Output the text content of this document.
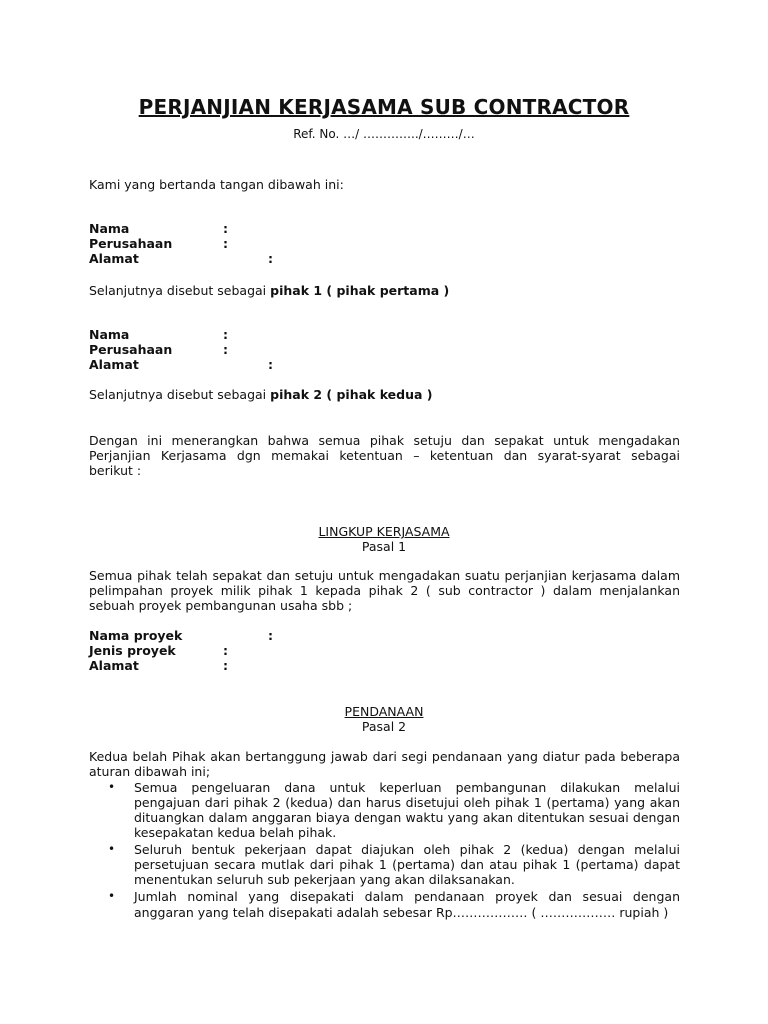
PERJANJIAN KERJASAMA SUB CONTRACTOR
Ref. No. …/ …………../………/…
Kami yang bertanda tangan dibawah ini:
Nama	:
Perusahaan	:
Alamat	:
Selanjutnya disebut sebagai pihak 1 ( pihak pertama )
Nama	:
Perusahaan	:
Alamat	:
Selanjutnya disebut sebagai pihak 2 ( pihak kedua )
Dengan ini menerangkan bahwa semua pihak setuju dan sepakat untuk mengadakan
Perjanjian Kerjasama dgn memakai ketentuan – ketentuan dan syarat-syarat sebagai
berikut :
LINGKUP KERJASAMA
Pasal 1
Semua pihak telah sepakat dan setuju untuk mengadakan suatu perjanjian kerjasama dalam
pelimpahan proyek milik pihak 1 kepada pihak 2 ( sub contractor ) dalam menjalankan
sebuah proyek pembangunan usaha sbb ;
Nama proyek	:
Jenis proyek	:
Alamat	:
PENDANAAN
Pasal 2
Kedua belah Pihak akan bertanggung jawab dari segi pendanaan yang diatur pada beberapa
aturan dibawah ini;
• Semua pengeluaran dana untuk keperluan pembangunan dilakukan melalui
pengajuan dari pihak 2 (kedua) dan harus disetujui oleh pihak 1 (pertama) yang akan
dituangkan dalam anggaran biaya dengan waktu yang akan ditentukan sesuai dengan
kesepakatan kedua belah pihak.
• Seluruh bentuk pekerjaan dapat diajukan oleh pihak 2 (kedua) dengan melalui
persetujuan secara mutlak dari pihak 1 (pertama) dan atau pihak 1 (pertama) dapat
menentukan seluruh sub pekerjaan yang akan dilaksanakan.
• Jumlah nominal yang disepakati dalam pendanaan proyek dan sesuai dengan
anggaran yang telah disepakati adalah sebesar Rp……………… ( ……………… rupiah )
